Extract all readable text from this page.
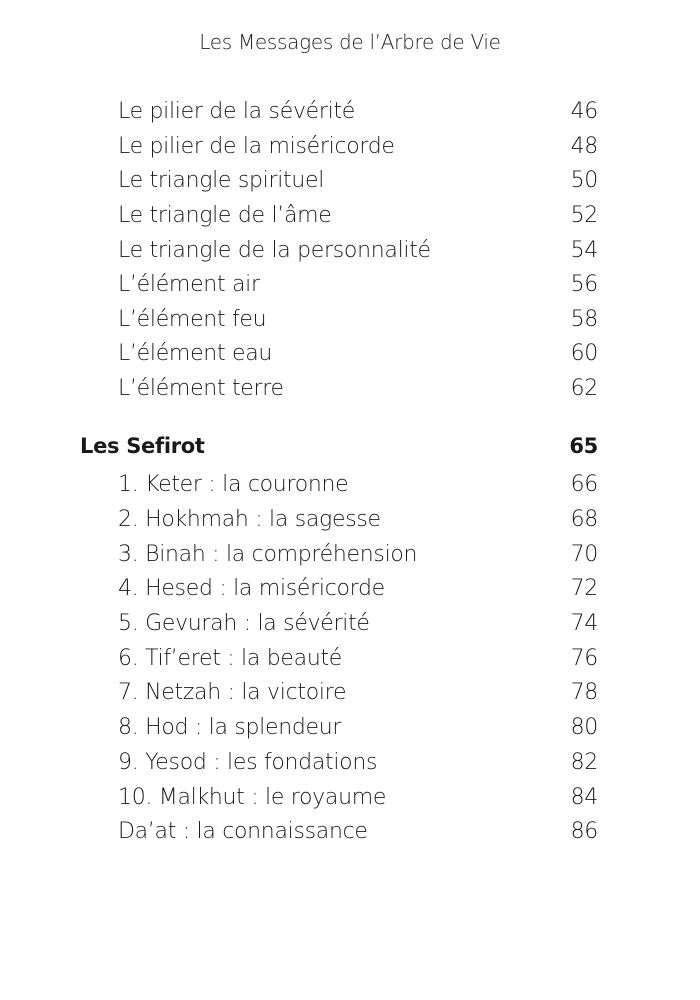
Les Messages de l’Arbre de Vie
Le pilier de la sévérité	46
Le pilier de la miséricorde	48
Le triangle spirituel	50
Le triangle de l’âme	52
Le triangle de la personnalité	54
L’élément air	56
L’élément feu	58
L’élément eau	60
L’élément terre	62
Les Sefirot	65
1. Keter : la couronne	66
2. Hokhmah : la sagesse	68
3. Binah : la compréhension	70
4. Hesed : la miséricorde	72
5. Gevurah : la sévérité	74
6. Tif’eret : la beauté	76
7. Netzah : la victoire	78
8. Hod : la splendeur	80
9. Yesod : les fondations	82
10. Malkhut : le royaume	84
Da’at : la connaissance	86
